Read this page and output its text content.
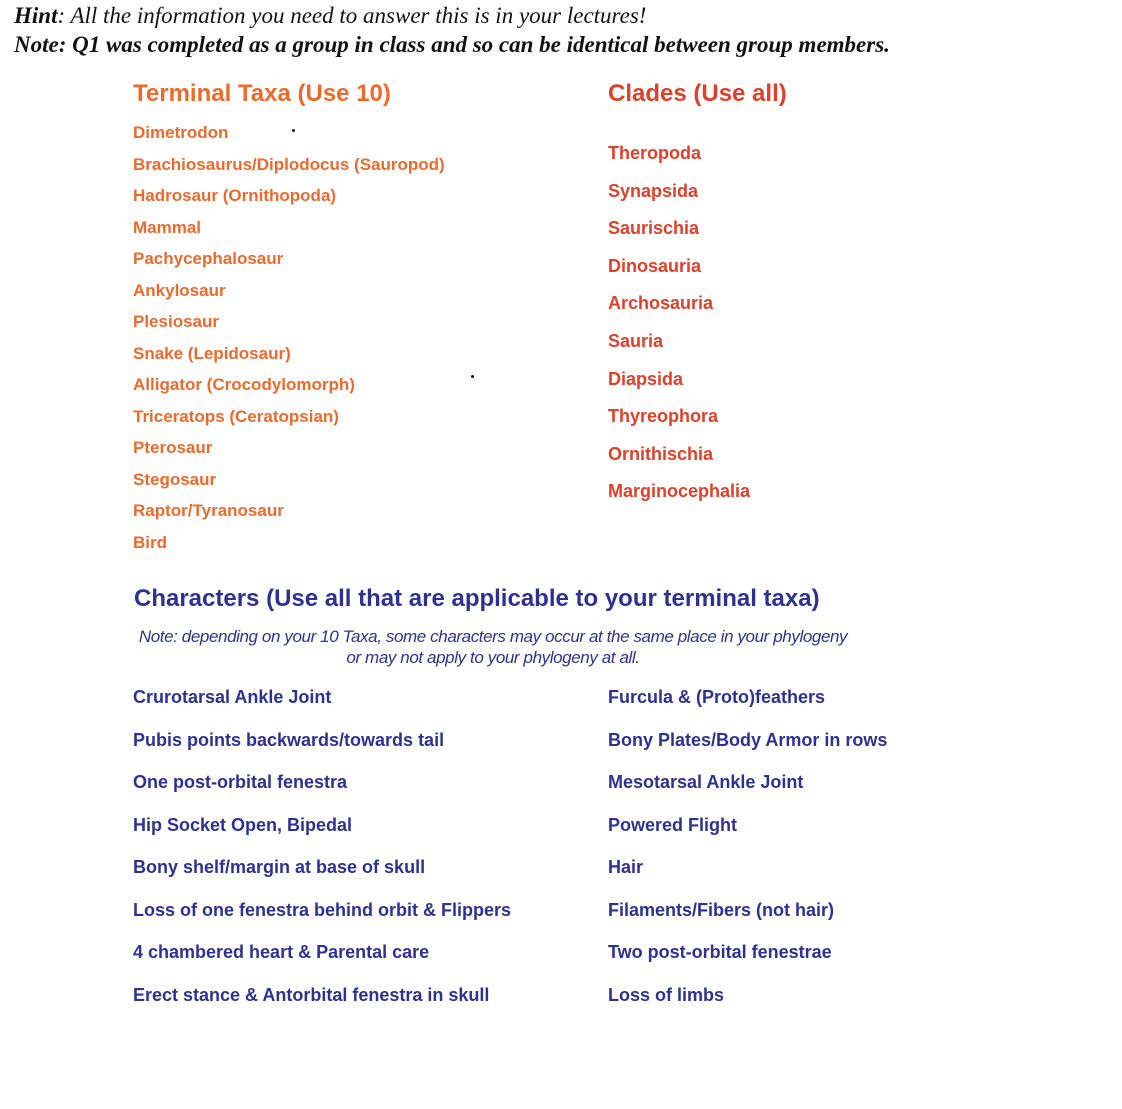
Hint: All the information you need to answer this is in your lectures!

Note: Q1 was completed as a group in class and so can be identical between group members.

Terminal Taxa (Use 10)
Dimetrodon
Brachiosaurus/Diplodocus (Sauropod)
Hadrosaur (Ornithopoda)
Mammal
Pachycephalosaur
Ankylosaur
Plesiosaur
Snake (Lepidosaur)
Alligator (Crocodylomorph)
Triceratops (Ceratopsian)
Pterosaur
Stegosaur
Raptor/Tyranosaur
Bird
Clades (Use all)
Theropoda
Synapsida
Saurischia
Dinosauria
Archosauria
Sauria
Diapsida
Thyreophora
Ornithischia
Marginocephalia
Characters (Use all that are applicable to your terminal taxa)

Note: depending on your 10 Taxa, some characters may occur at the same place in your phylogeny
or may not apply to your phylogeny at all.

Crurotarsal Ankle Joint
Pubis points backwards/towards tail
One post-orbital fenestra
Hip Socket Open, Bipedal
Bony shelf/margin at base of skull
Loss of one fenestra behind orbit & Flippers
4 chambered heart & Parental care
Erect stance & Antorbital fenestra in skull
Furcula & (Proto)feathers
Bony Plates/Body Armor in rows
Mesotarsal Ankle Joint
Powered Flight
Hair
Filaments/Fibers (not hair)
Two post-orbital fenestrae
Loss of limbs
